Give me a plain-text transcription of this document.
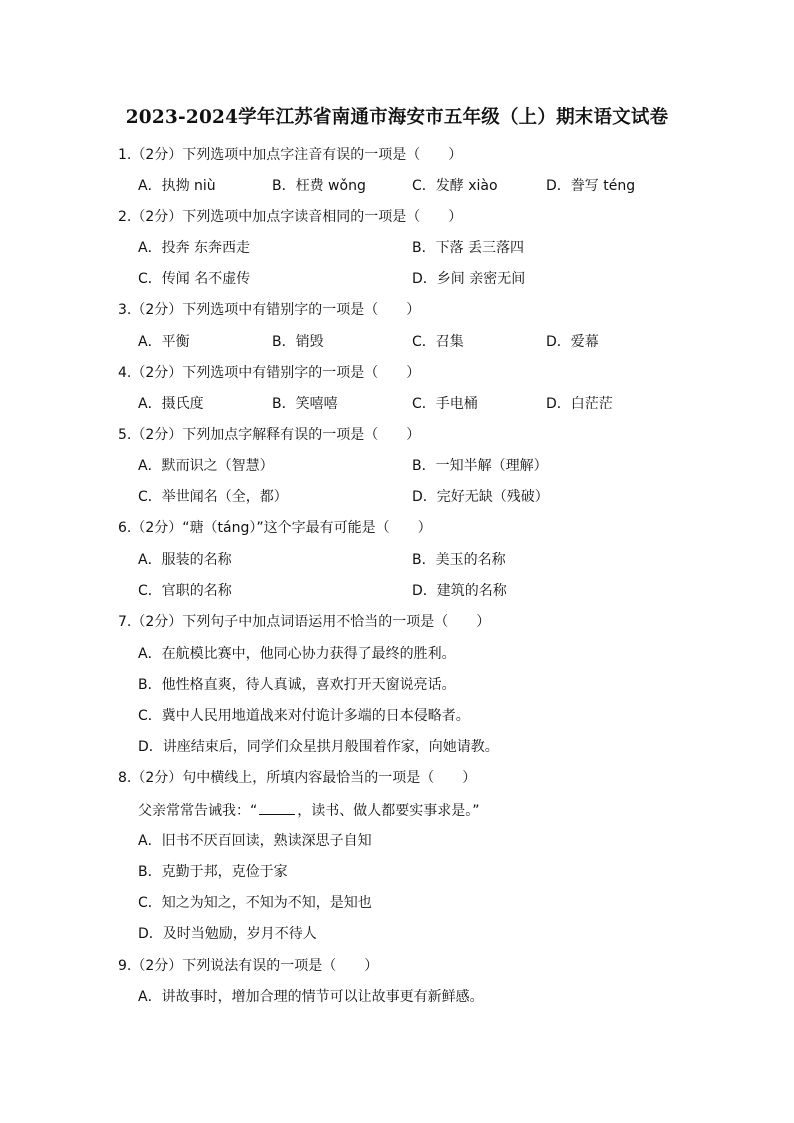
2023-2024学年江苏省南通市海安市五年级（上）期末语文试卷
1.（2分）下列选项中加点字注音有误的一项是（　　）
A．执拗 niù	B．枉费 wǒng	C．发酵 xiào	D．誊写 téng
2.（2分）下列选项中加点字读音相同的一项是（　　）
A．投奔 东奔西走	B．下落 丢三落四
C．传闻 名不虚传	D．乡间 亲密无间
3.（2分）下列选项中有错别字的一项是（　　）
A．平衡	B．销毁	C．召集	D．爱幕
4.（2分）下列选项中有错别字的一项是（　　）
A．摄氏度	B．笑嘻嘻	C．手电桶	D．白茫茫
5.（2分）下列加点字解释有误的一项是（　　）
A．默而识之（智慧）	B．一知半解（理解）
C．举世闻名（全，都）	D．完好无缺（残破）
6.（2分）“瑭（táng）”这个字最有可能是（　　）
A．服装的名称	B．美玉的名称
C．官职的名称	D．建筑的名称
7.（2分）下列句子中加点词语运用不恰当的一项是（　　）
A．在航模比赛中，他同心协力获得了最终的胜利。
B．他性格直爽，待人真诚，喜欢打开天窗说亮话。
C．冀中人民用地道战来对付诡计多端的日本侵略者。
D．讲座结束后，同学们众星拱月般围着作家，向她请教。
8.（2分）句中横线上，所填内容最恰当的一项是（　　）
父亲常常告诫我：“	，读书、做人都要实事求是。”
A．旧书不厌百回读，熟读深思子自知
B．克勤于邦，克俭于家
C．知之为知之，不知为不知，是知也
D．及时当勉励，岁月不待人
9.（2分）下列说法有误的一项是（　　）
A．讲故事时，增加合理的情节可以让故事更有新鲜感。
